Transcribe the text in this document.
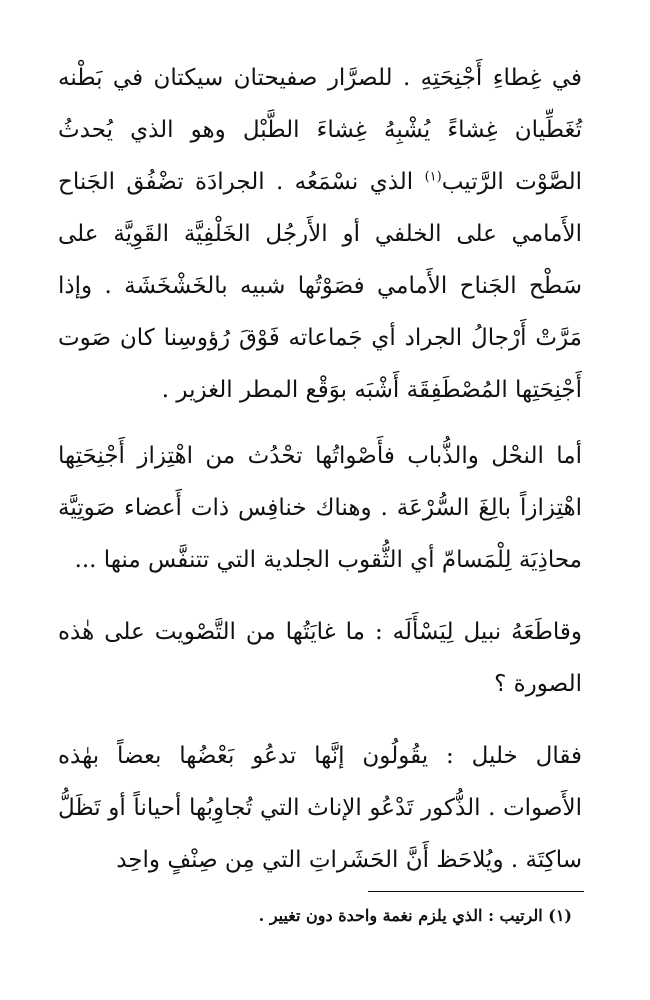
في غِطاءِ أَجْنِحَتِهِ . للصرَّار صفيحتان سيكتان في بَطْنه تُغَطِّيان غِشاءً يُشْبِهُ غِشاءَ الطَّبْل وهو الذي يُحدثُ الصَّوْت الرَّتيب$^{(١)}$ الذي نسْمَعُه . الجرادَة تضْفُق الجَناح الأَمامي على الخلفي أو الأَرجُل الخَلْفِيَّة القَوِيَّة على سَطْح الجَناح الأَمامي فصَوْتُها شبيه بالخَشْخَشَة . وإذا مَرَّتْ أَرْجالُ الجراد أي جَماعاته فَوْقَ رُؤوسِنا كان صَوت أَجْنِحَتِها المُصْطَفِقَة أَشْبَه بوَقْع المطر الغزير .

أما النحْل والذُّباب فأَصْواتُها تحْدُث من اهْتِزاز أَجْنِحَتِها اهْتِزازاً بالِغَ السُّرْعَة . وهناك خنافِس ذات أَعضاء صَوتِيَّة محاذِيَة لِلْمَسامّ أي الثُّقوب الجلدية التي تتنفَّس منها ...

وقاطَعَهُ نبيل لِيَسْأَلَه : ما غايَتُها من التَّصْويت على هٰذه الصورة ؟

فقال خليل : يقُولُون إنَّها تدعُو بَعْضُها بعضاً بهٰذه الأَصوات . الذُّكور تَدْعُو الإناث التي تُجاوِبُها أحياناً أو تَظَلُّ ساكِتَة . ويُلاحَظ أَنَّ الحَشَراتِ التي مِن صِنْفٍ واحِد

(١) الرتيب : الذي يلزم نغمة واحدة دون تغيير .
